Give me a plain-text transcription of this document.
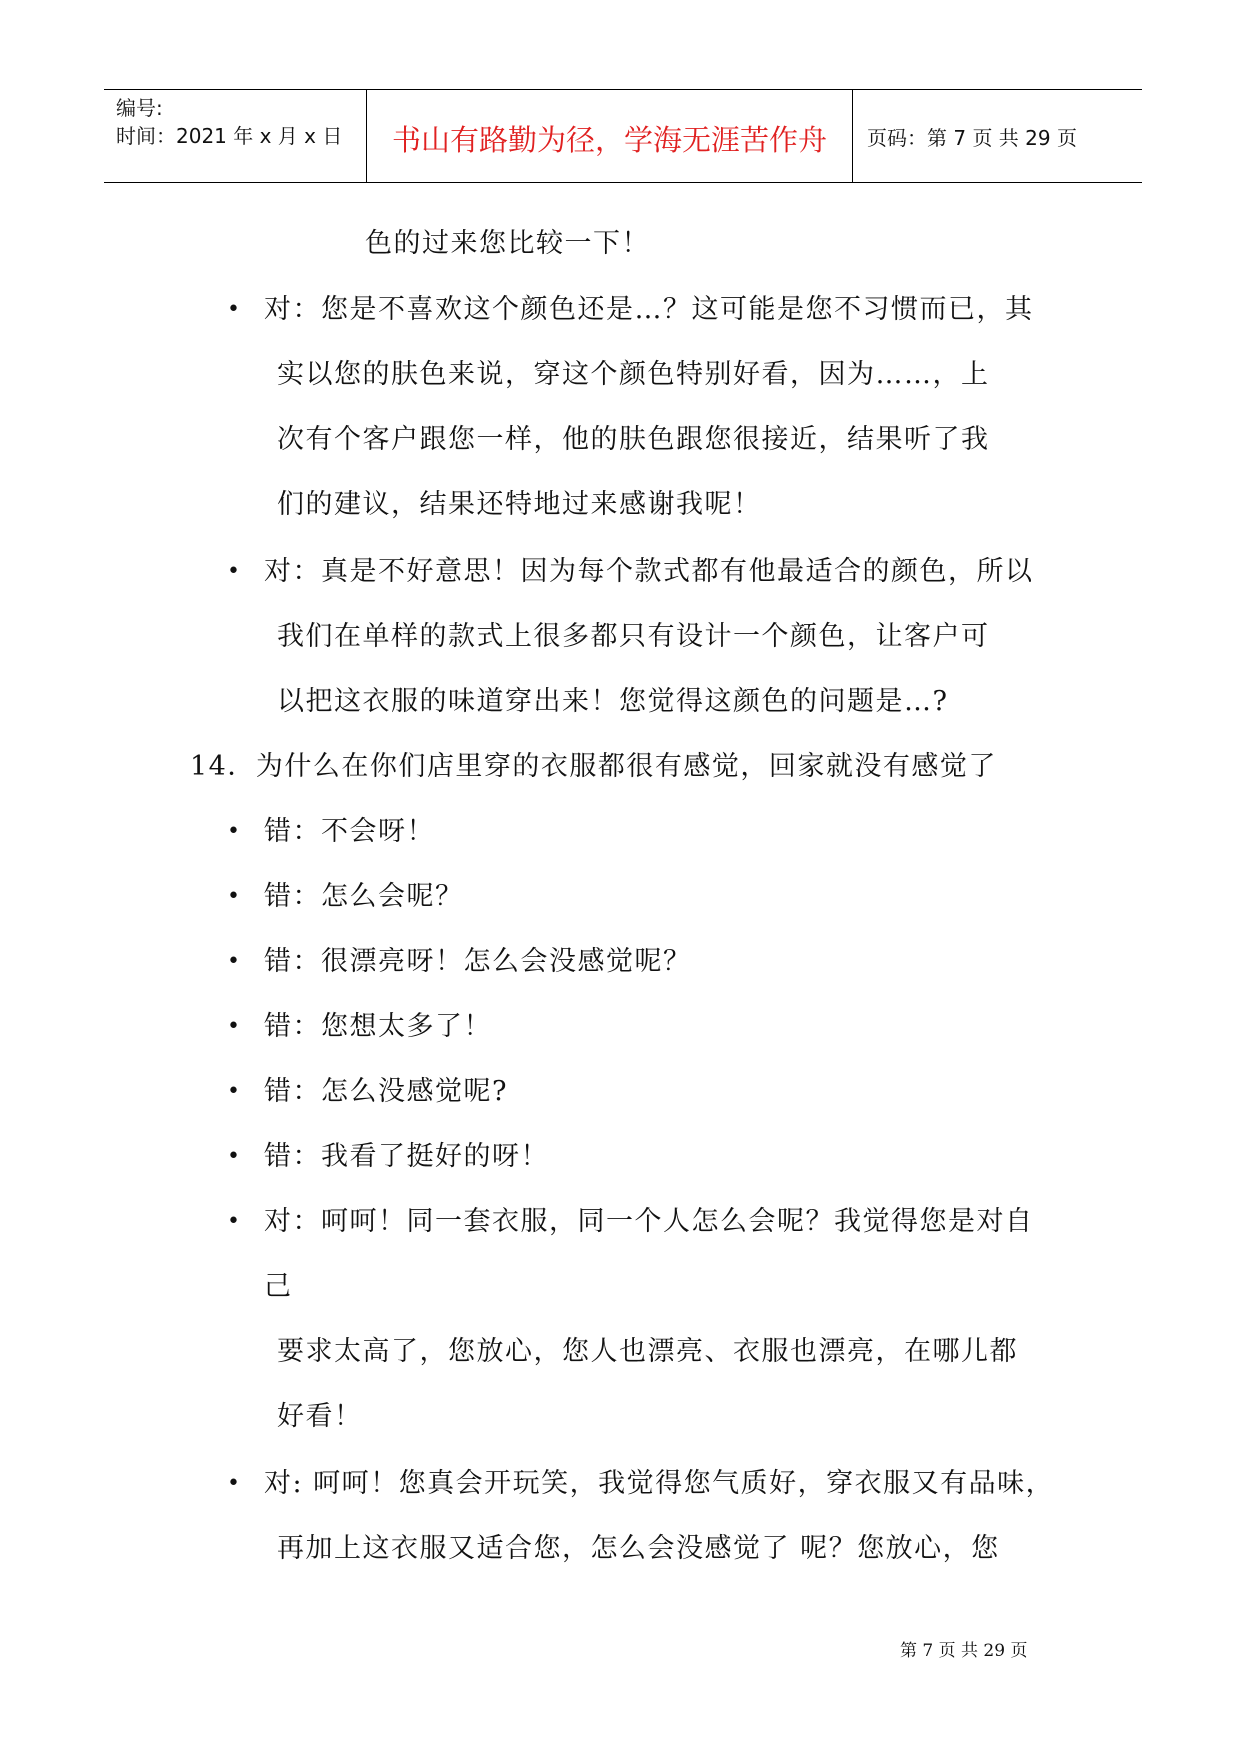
编号:
时间：2021 年 x 月 x 日	书山有路勤为径，学海无涯苦作舟	页码：第 7 页 共 29 页
色的过来您比较一下！
• 对：您是不喜欢这个颜色还是…？这可能是您不习惯而已，其
实以您的肤色来说，穿这个颜色特别好看，因为……，上
次有个客户跟您一样，他的肤色跟您很接近，结果听了我
们的建议，结果还特地过来感谢我呢！
• 对：真是不好意思！因为每个款式都有他最适合的颜色，所以
我们在单样的款式上很多都只有设计一个颜色，让客户可
以把这衣服的味道穿出来！您觉得这颜色的问题是…?
14．为什么在你们店里穿的衣服都很有感觉，回家就没有感觉了
• 错：不会呀！
• 错：怎么会呢？
• 错：很漂亮呀！怎么会没感觉呢？
• 错：您想太多了！
• 错：怎么没感觉呢?
• 错：我看了挺好的呀！
• 对：呵呵！同一套衣服，同一个人怎么会呢？我觉得您是对自
己
要求太高了，您放心，您人也漂亮、衣服也漂亮，在哪儿都
好看！
• 对: 呵呵！您真会开玩笑，我觉得您气质好，穿衣服又有品味，
再加上这衣服又适合您，怎么会没感觉了 呢？您放心，您
第 7 页 共 29 页
